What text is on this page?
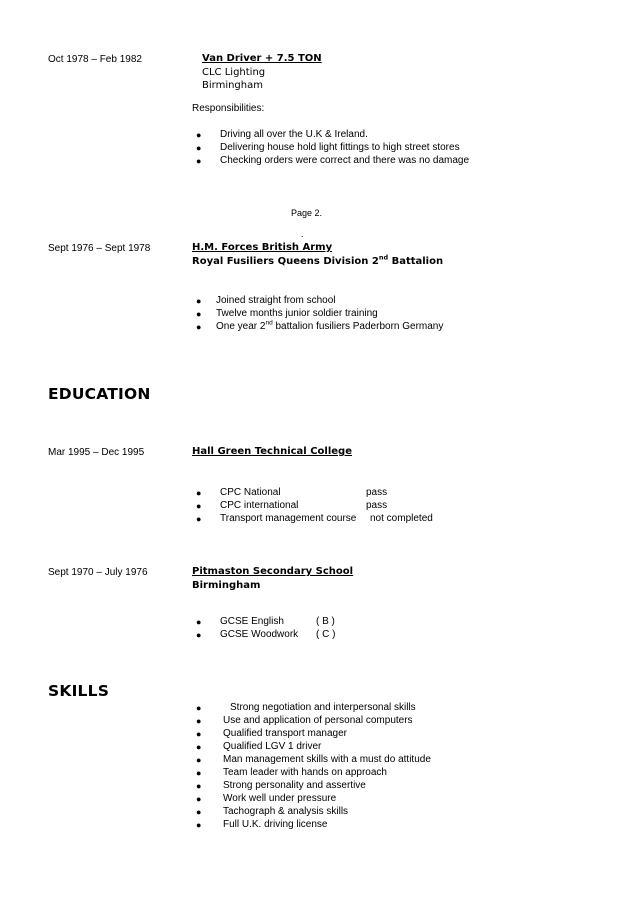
Oct 1978 – Feb 1982	Van Driver + 7.5 TON
CLC Lighting
Birmingham
Responsibilities:
● Driving all over the U.K & Ireland.
● Delivering house hold light fittings to high street stores
● Checking orders were correct and there was no damage
Page 2.
.
Sept 1976 – Sept 1978	H.M. Forces British Army
Royal Fusiliers Queens Division 2nd Battalion
● Joined straight from school
● Twelve months junior soldier training
● One year 2nd battalion fusiliers Paderborn Germany
EDUCATION
Mar 1995 – Dec 1995	Hall Green Technical College
● CPC National	pass
● CPC international	pass
● Transport management course not completed
Sept 1970 – July 1976	Pitmaston Secondary School
Birmingham
● GCSE English	( B )
● GCSE Woodwork ( C )
SKILLS
●	Strong negotiation and interpersonal skills
● Use and application of personal computers
● Qualified transport manager
● Qualified LGV 1 driver
● Man management skills with a must do attitude
● Team leader with hands on approach
● Strong personality and assertive
● Work well under pressure
● Tachograph & analysis skills
● Full U.K. driving license
